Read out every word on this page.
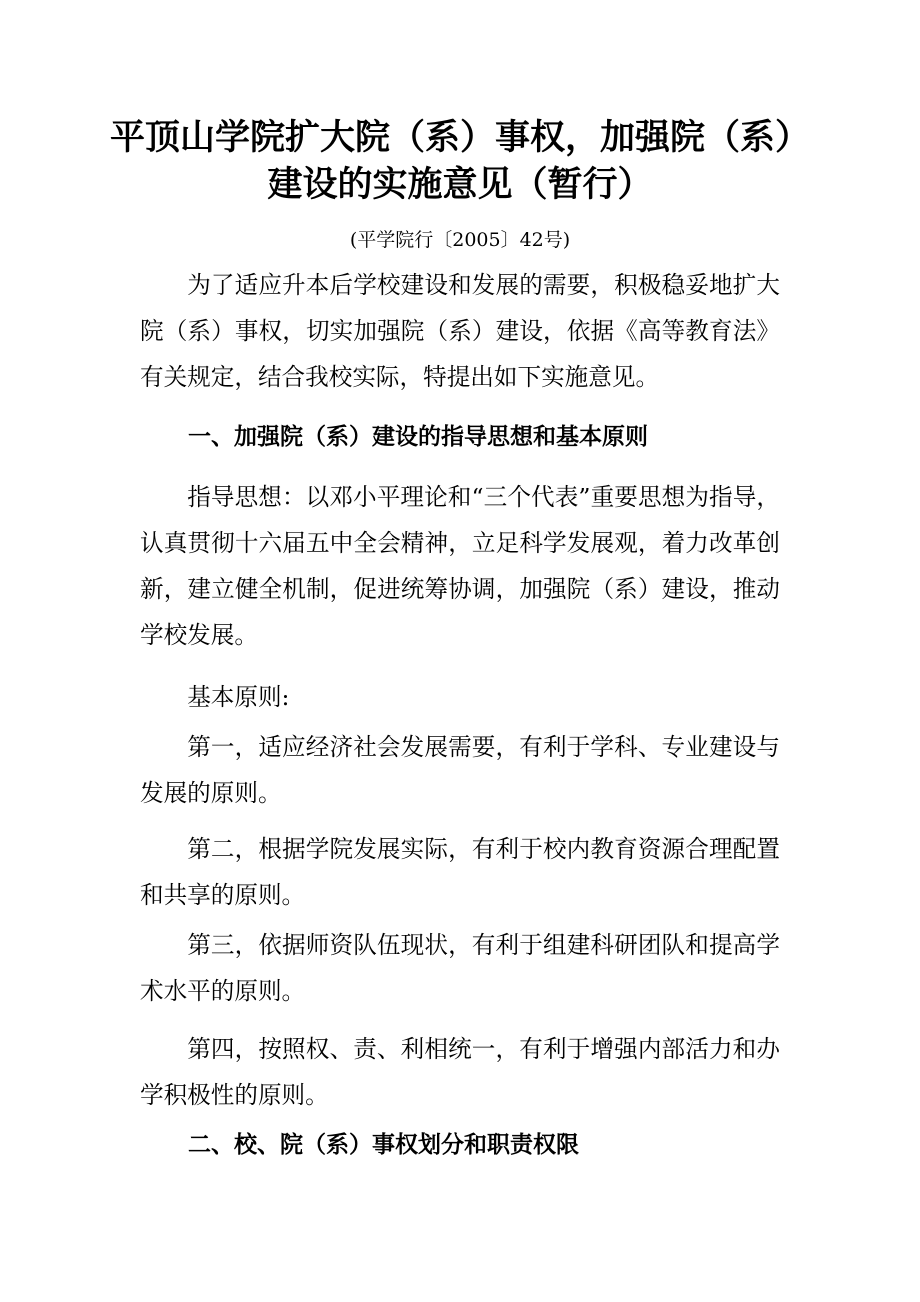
平顶山学院扩大院（系）事权，加强院（系）
建设的实施意见（暂行）
(平学院行〔2005〕42号)

为了适应升本后学校建设和发展的需要，积极稳妥地扩大院（系）事权，切实加强院（系）建设，依据《高等教育法》有关规定，结合我校实际，特提出如下实施意见。

一、加强院（系）建设的指导思想和基本原则

指导思想：以邓小平理论和“三个代表”重要思想为指导，认真贯彻十六届五中全会精神，立足科学发展观，着力改革创新，建立健全机制，促进统筹协调，加强院（系）建设，推动学校发展。

基本原则:

第一，适应经济社会发展需要，有利于学科、专业建设与发展的原则。

第二，根据学院发展实际，有利于校内教育资源合理配置和共享的原则。

第三，依据师资队伍现状，有利于组建科研团队和提高学术水平的原则。

第四，按照权、责、利相统一，有利于增强内部活力和办学积极性的原则。

二、校、院（系）事权划分和职责权限
